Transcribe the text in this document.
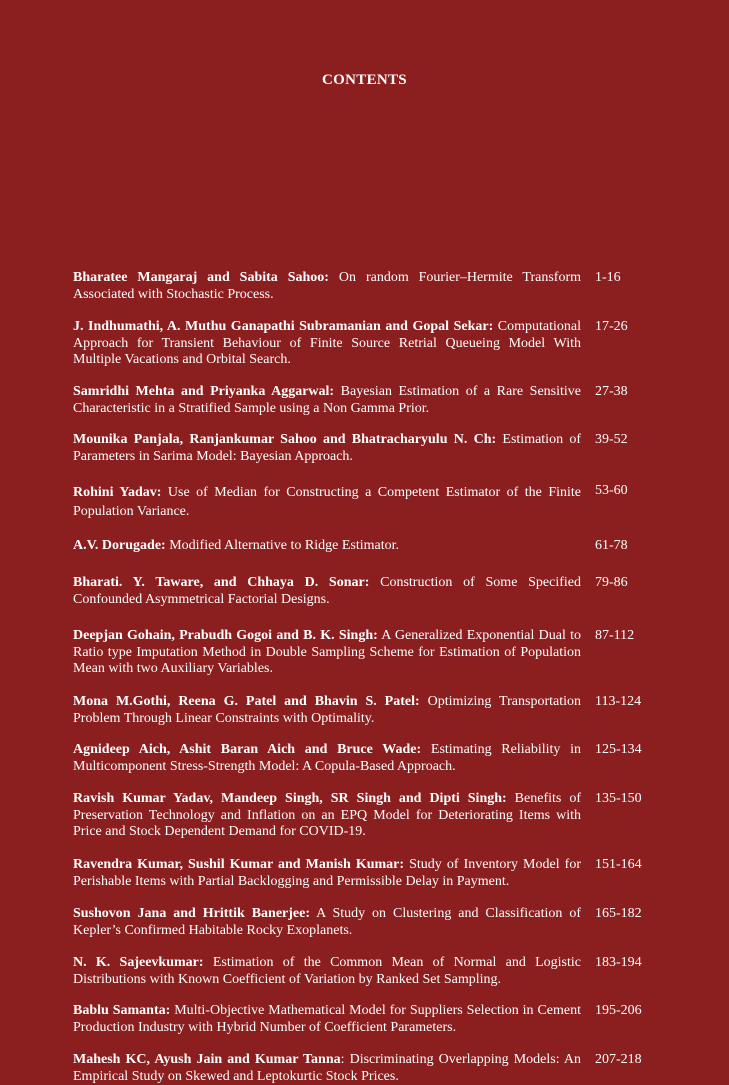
CONTENTS
Bharatee Mangaraj and Sabita Sahoo: On random Fourier–Hermite Transform Associated with Stochastic Process.
1-16
J. Indhumathi, A. Muthu Ganapathi Subramanian and Gopal Sekar: Computational Approach for Transient Behaviour of Finite Source Retrial Queueing Model With Multiple Vacations and Orbital Search.
17-26
Samridhi Mehta and Priyanka Aggarwal: Bayesian Estimation of a Rare Sensitive Characteristic in a Stratified Sample using a Non Gamma Prior.
27-38
Mounika Panjala, Ranjankumar Sahoo and Bhatracharyulu N. Ch: Estimation of Parameters in Sarima Model: Bayesian Approach.
39-52
Rohini Yadav: Use of Median for Constructing a Competent Estimator of the Finite Population Variance.
53-60
A.V. Dorugade: Modified Alternative to Ridge Estimator.	61-78
Bharati. Y. Taware, and Chhaya D. Sonar: Construction of Some Specified Confounded Asymmetrical Factorial Designs.
79-86
Deepjan Gohain, Prabudh Gogoi and B. K. Singh: A Generalized Exponential Dual to Ratio type Imputation Method in Double Sampling Scheme for Estimation of Population Mean with two Auxiliary Variables.
87-112
Mona M.Gothi, Reena G. Patel and Bhavin S. Patel: Optimizing Transportation Problem Through Linear Constraints with Optimality.
113-124
Agnideep Aich, Ashit Baran Aich and Bruce Wade: Estimating Reliability in Multicomponent Stress-Strength Model: A Copula-Based Approach.
125-134
Ravish Kumar Yadav, Mandeep Singh, SR Singh and Dipti Singh: Benefits of Preservation Technology and Inflation on an EPQ Model for Deteriorating Items with Price and Stock Dependent Demand for COVID-19.
135-150
Ravendra Kumar, Sushil Kumar and Manish Kumar: Study of Inventory Model for Perishable Items with Partial Backlogging and Permissible Delay in Payment.
151-164
Sushovon Jana and Hrittik Banerjee: A Study on Clustering and Classification of Kepler’s Confirmed Habitable Rocky Exoplanets.
165-182
N. K. Sajeevkumar: Estimation of the Common Mean of Normal and Logistic Distributions with Known Coefficient of Variation by Ranked Set Sampling.
183-194
Bablu Samanta: Multi-Objective Mathematical Model for Suppliers Selection in Cement Production Industry with Hybrid Number of Coefficient Parameters.
195-206
Mahesh KC, Ayush Jain and Kumar Tanna: Discriminating Overlapping Models: An Empirical Study on Skewed and Leptokurtic Stock Prices.
207-218
